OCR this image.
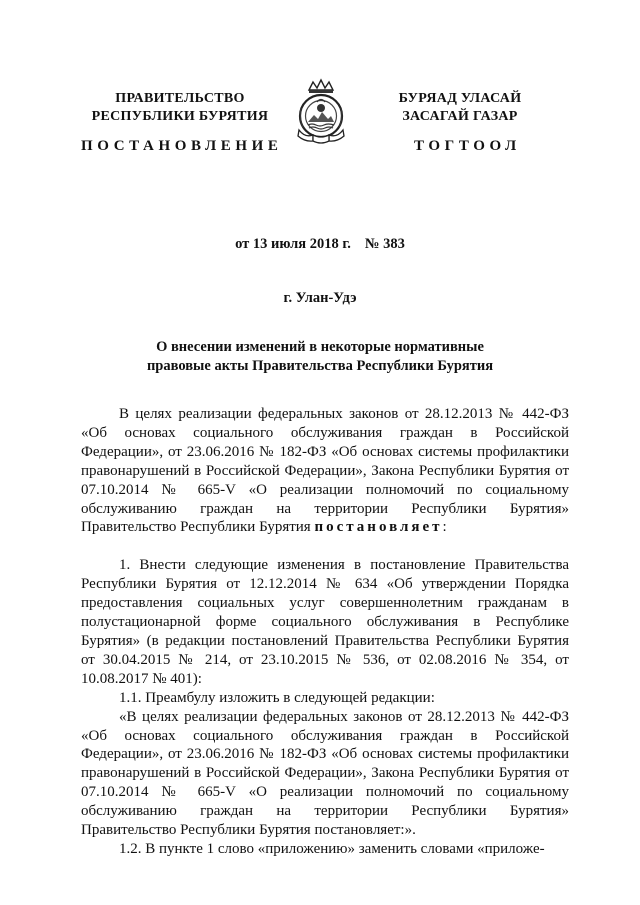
ПРАВИТЕЛЬСТВО
РЕСПУБЛИКИ БУРЯТИЯ
БУРЯАД УЛАСАЙ
ЗАСАГАЙ ГАЗАР
ПОСТАНОВЛЕНИЕ	ТОГТООЛ
от 13 июля 2018 г. № 383
г. Улан-Удэ
О внесении изменений в некоторые нормативные
правовые акты Правительства Республики Бурятия

В целях реализации федеральных законов от 28.12.2013 № 442-ФЗ «Об основах социального обслуживания граждан в Российской Федерации», от 23.06.2016 № 182-ФЗ «Об основах системы профилактики правонарушений в Российской Федерации», Закона Республики Бурятия от 07.10.2014 № 665-V «О реализации полномочий по социальному обслуживанию граждан на территории Республики Бурятия» Правительство Республики Бурятия постановляет:

1. Внести следующие изменения в постановление Правительства Республики Бурятия от 12.12.2014 № 634 «Об утверждении Порядка предоставления социальных услуг совершеннолетним гражданам в полустационарной форме социального обслуживания в Республике Бурятия» (в редакции постановлений Правительства Республики Бурятия от 30.04.2015 № 214, от 23.10.2015 № 536, от 02.08.2016 № 354, от 10.08.2017 № 401):

1.1. Преамбулу изложить в следующей редакции:

«В целях реализации федеральных законов от 28.12.2013 № 442-ФЗ «Об основах социального обслуживания граждан в Российской Федерации», от 23.06.2016 № 182-ФЗ «Об основах системы профилактики правонарушений в Российской Федерации», Закона Республики Бурятия от 07.10.2014 № 665-V «О реализации полномочий по социальному обслуживанию граждан на территории Республики Бурятия» Правительство Республики Бурятия постановляет:».

1.2. В пункте 1 слово «приложению» заменить словами «приложе-
